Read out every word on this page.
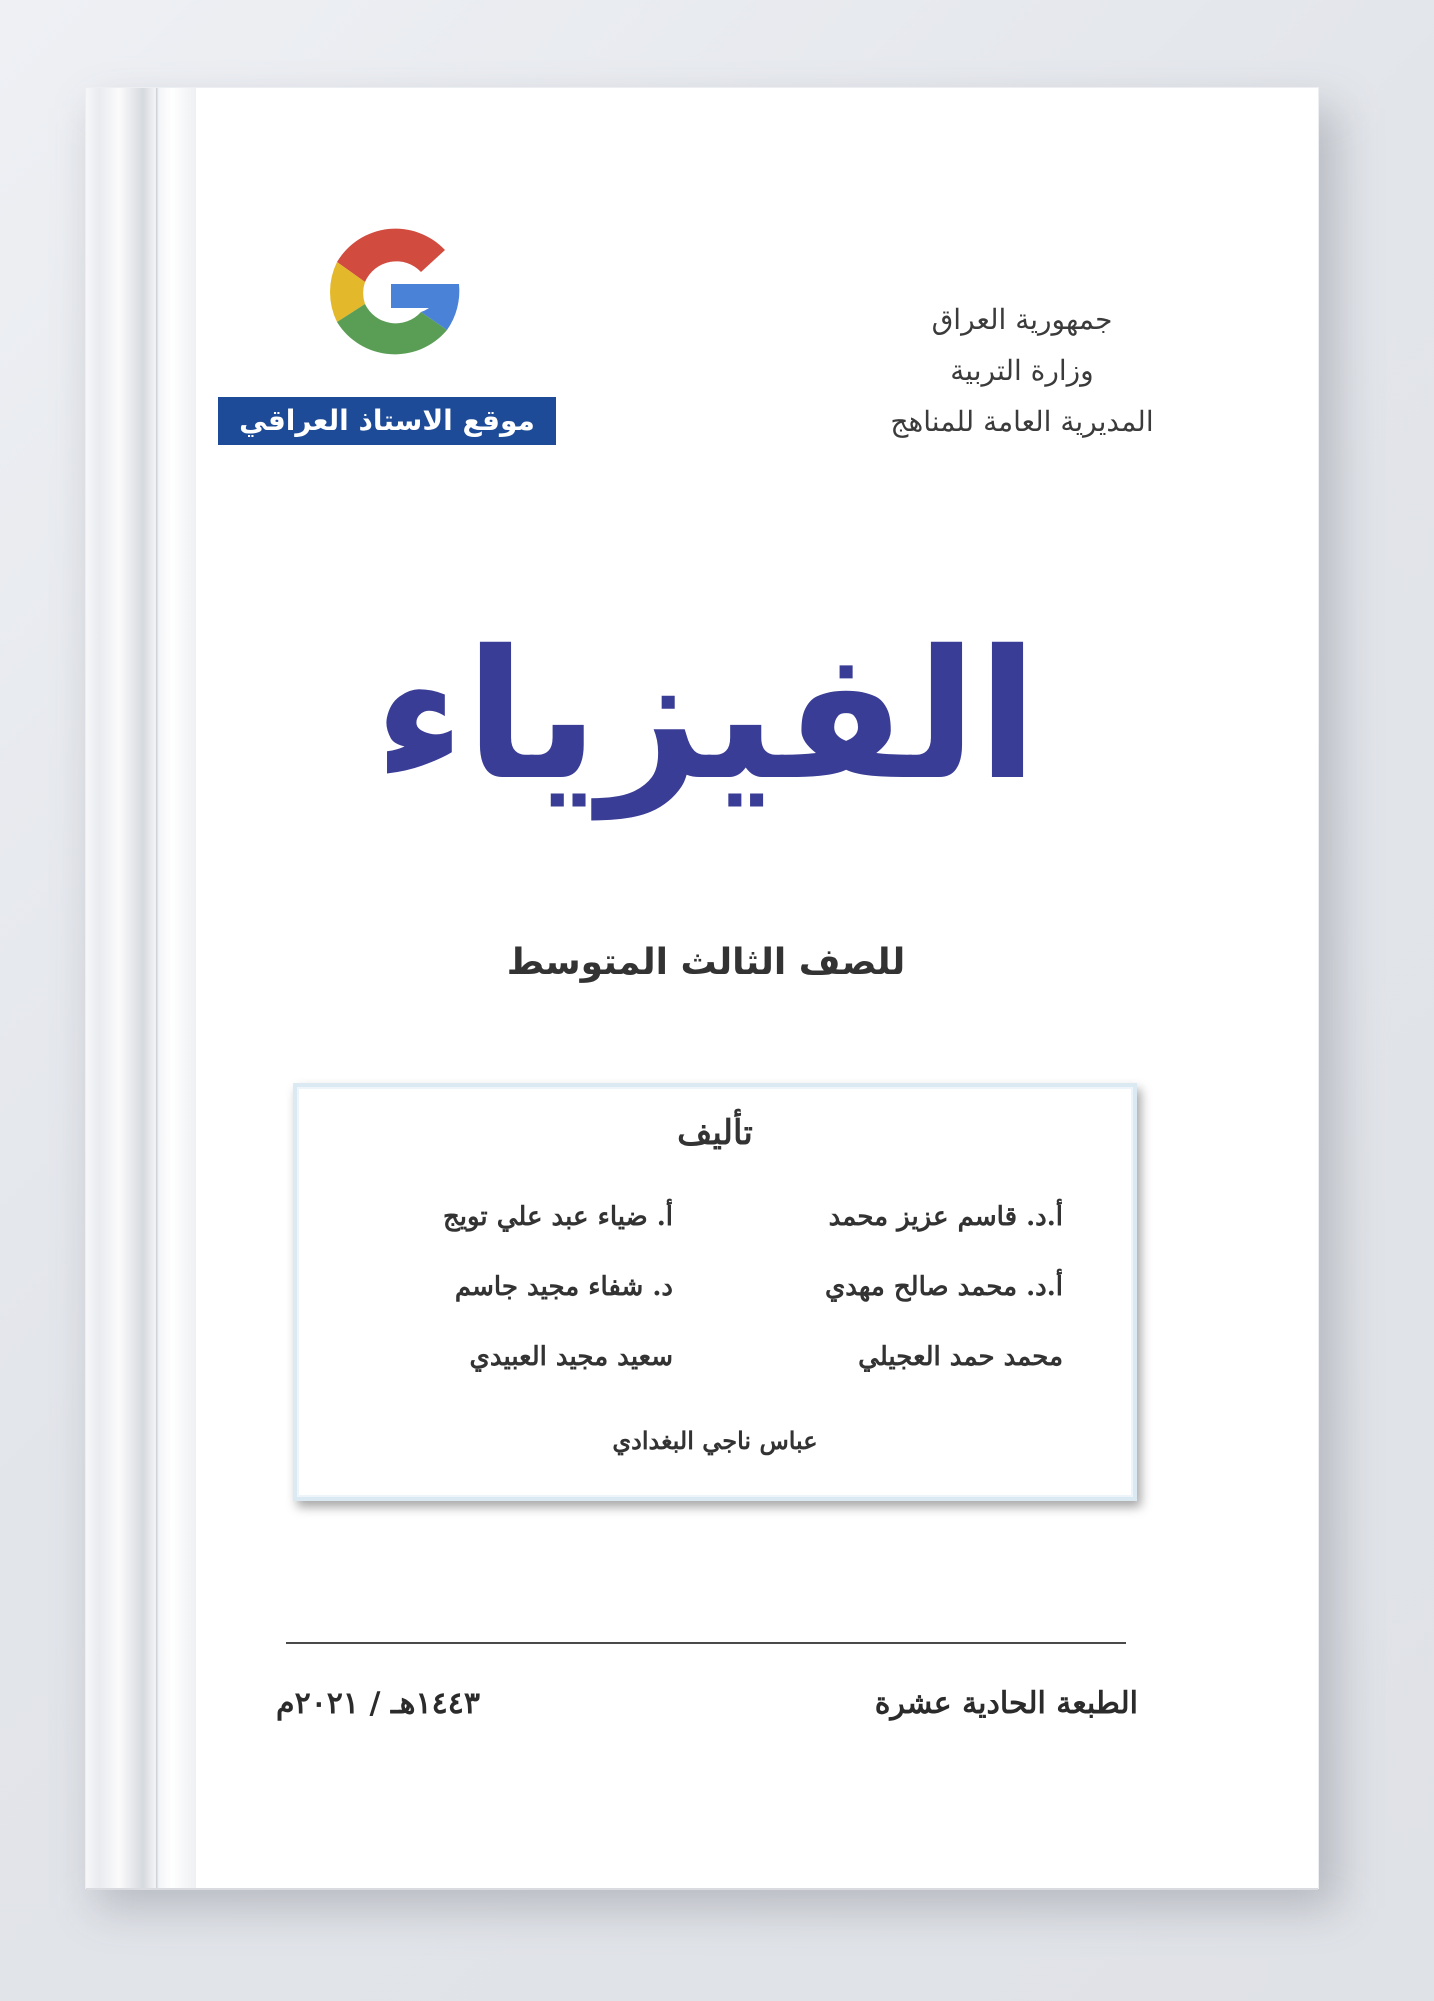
جمهورية العراق
وزارة التربية
المديرية العامة للمناهج
موقع الاستاذ العراقي
الفيزياء
للصف الثالث المتوسط
تأليف
أ.د. قاسم عزيز محمد
أ.د. محمد صالح مهدي
محمد حمد العجيلي
أ. ضياء عبد علي تويج
د. شفاء مجيد جاسم
سعيد مجيد العبيدي
عباس ناجي البغدادي
الطبعة الحادية عشرة
١٤٤٣هـ / ٢٠٢١م
